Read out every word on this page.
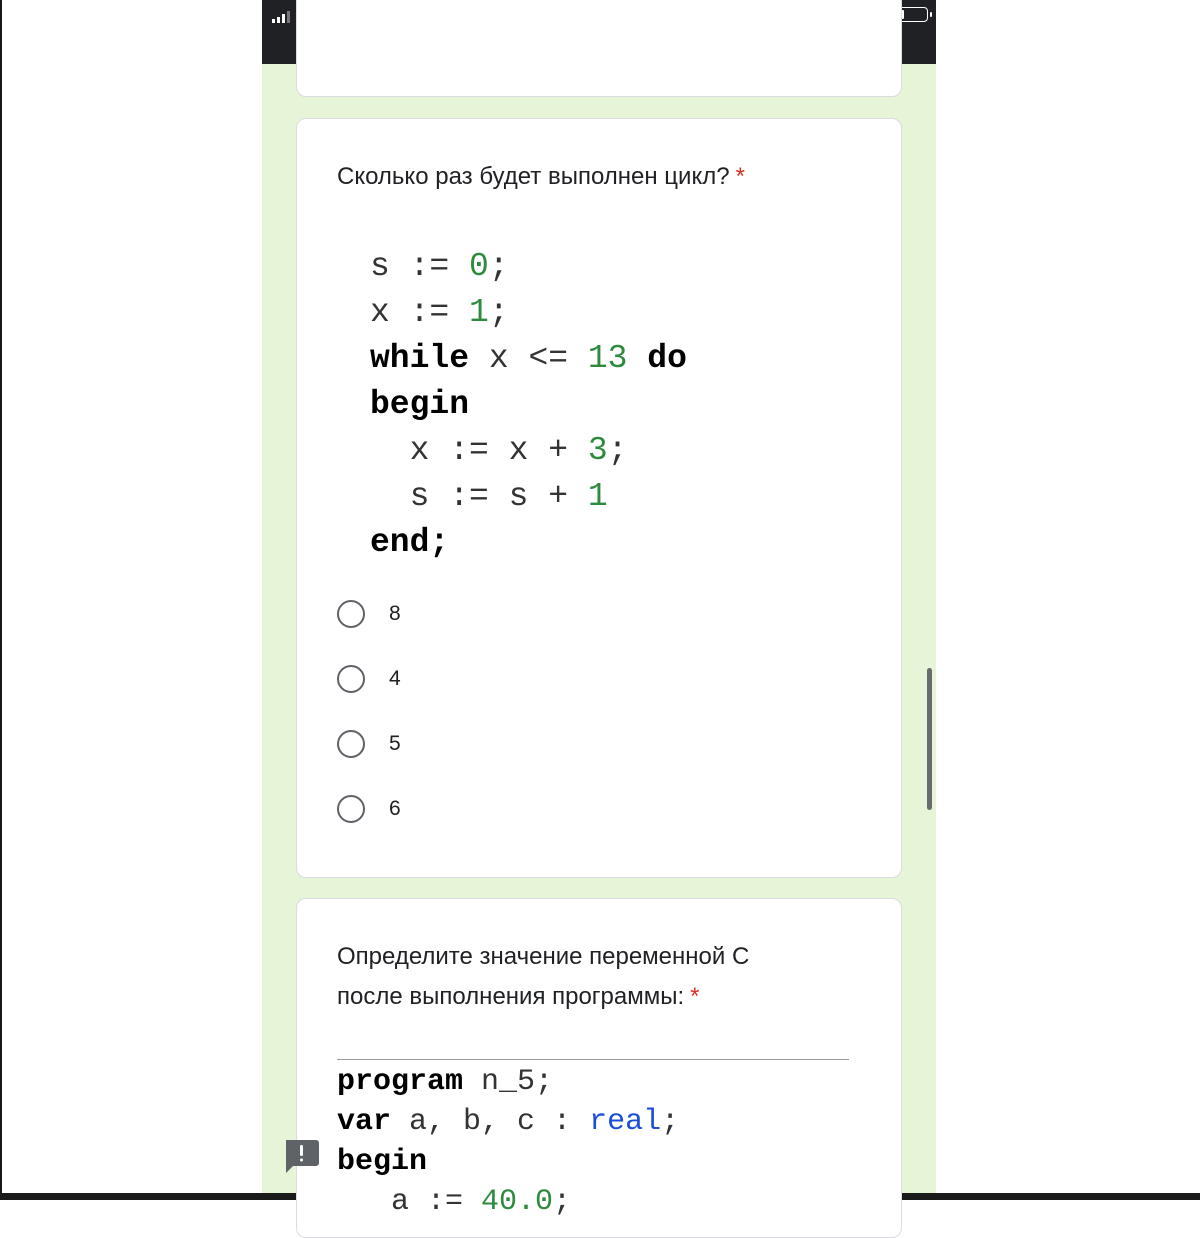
Сколько раз будет выполнен цикл? *
s := 0;
x := 1;
while x <= 13 do
begin
x := x + 3;
s := s + 1
end;
8
4
5
6
Определите значение переменной С
после выполнения программы: *
program n_5;
var a, b, c : real;
begin
a := 40.0;
